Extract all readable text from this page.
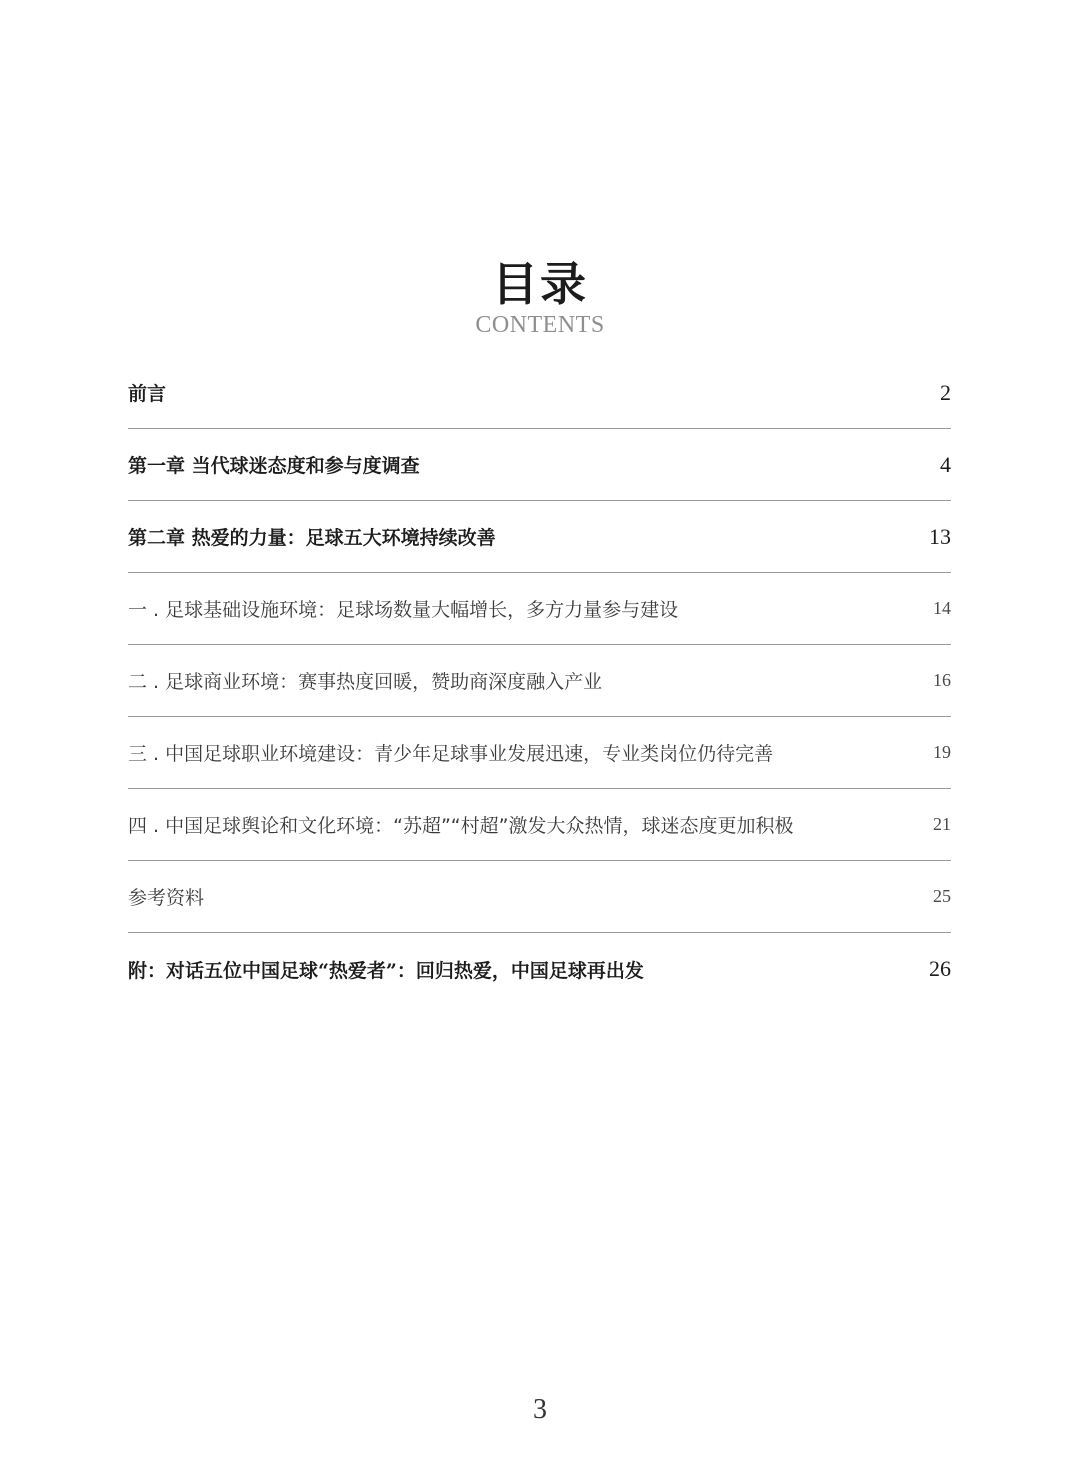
目录
CONTENTS
前言	2
第一章 当代球迷态度和参与度调查	4
第二章 热爱的力量：足球五大环境持续改善	13
一 . 足球基础设施环境：足球场数量大幅增长，多方力量参与建设	14
二 . 足球商业环境：赛事热度回暖，赞助商深度融入产业	16
三 . 中国足球职业环境建设：青少年足球事业发展迅速，专业类岗位仍待完善	19
四 . 中国足球舆论和文化环境：“苏超”“村超”激发大众热情，球迷态度更加积极	21
参考资料	25
附：对话五位中国足球“热爱者”：回归热爱，中国足球再出发	26
3
